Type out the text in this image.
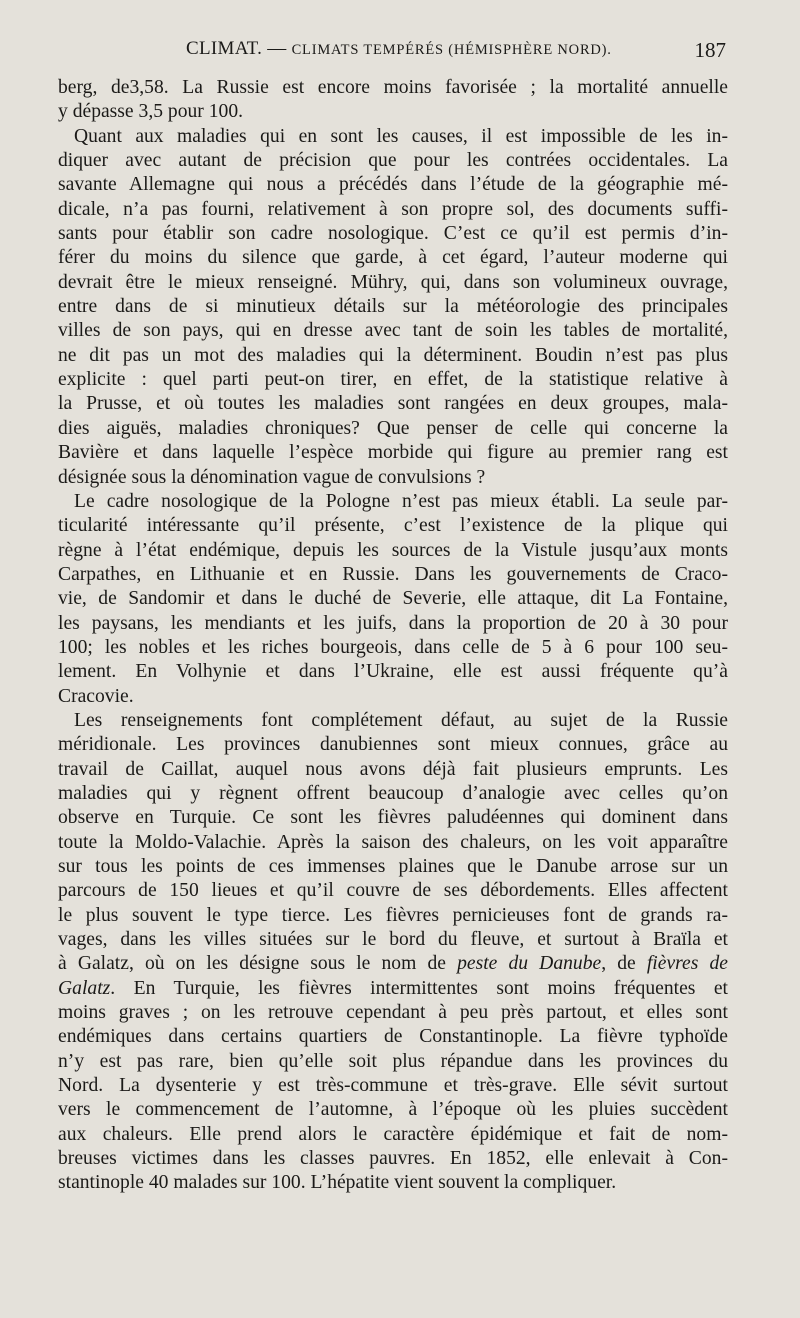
CLIMAT. — CLIMATS TEMPÉRÉS (HÉMISPHÈRE NORD).	187
berg, de3,58. La Russie est encore moins favorisée ; la mortalité annuelle
y dépasse 3,5 pour 100.
Quant aux maladies qui en sont les causes, il est impossible de les in-
diquer avec autant de précision que pour les contrées occidentales. La
savante Allemagne qui nous a précédés dans l’étude de la géographie mé-
dicale, n’a pas fourni, relativement à son propre sol, des documents suffi-
sants pour établir son cadre nosologique. C’est ce qu’il est permis d’in-
férer du moins du silence que garde, à cet égard, l’auteur moderne qui
devrait être le mieux renseigné. Mühry, qui, dans son volumineux ouvrage,
entre dans de si minutieux détails sur la météorologie des principales
villes de son pays, qui en dresse avec tant de soin les tables de mortalité,
ne dit pas un mot des maladies qui la déterminent. Boudin n’est pas plus
explicite : quel parti peut-on tirer, en effet, de la statistique relative à
la Prusse, et où toutes les maladies sont rangées en deux groupes, mala-
dies aiguës, maladies chroniques? Que penser de celle qui concerne la
Bavière et dans laquelle l’espèce morbide qui figure au premier rang est
désignée sous la dénomination vague de convulsions ?
Le cadre nosologique de la Pologne n’est pas mieux établi. La seule par-
ticularité intéressante qu’il présente, c’est l’existence de la plique qui
règne à l’état endémique, depuis les sources de la Vistule jusqu’aux monts
Carpathes, en Lithuanie et en Russie. Dans les gouvernements de Craco-
vie, de Sandomir et dans le duché de Severie, elle attaque, dit La Fontaine,
les paysans, les mendiants et les juifs, dans la proportion de 20 à 30 pour
100; les nobles et les riches bourgeois, dans celle de 5 à 6 pour 100 seu-
lement. En Volhynie et dans l’Ukraine, elle est aussi fréquente qu’à
Cracovie.
Les renseignements font complétement défaut, au sujet de la Russie
méridionale. Les provinces danubiennes sont mieux connues, grâce au
travail de Caillat, auquel nous avons déjà fait plusieurs emprunts. Les
maladies qui y règnent offrent beaucoup d’analogie avec celles qu’on
observe en Turquie. Ce sont les fièvres paludéennes qui dominent dans
toute la Moldo-Valachie. Après la saison des chaleurs, on les voit apparaître
sur tous les points de ces immenses plaines que le Danube arrose sur un
parcours de 150 lieues et qu’il couvre de ses débordements. Elles affectent
le plus souvent le type tierce. Les fièvres pernicieuses font de grands ra-
vages, dans les villes situées sur le bord du fleuve, et surtout à Braïla et
à Galatz, où on les désigne sous le nom de peste du Danube, de fièvres de
Galatz. En Turquie, les fièvres intermittentes sont moins fréquentes et
moins graves ; on les retrouve cependant à peu près partout, et elles sont
endémiques dans certains quartiers de Constantinople. La fièvre typhoïde
n’y est pas rare, bien qu’elle soit plus répandue dans les provinces du
Nord. La dysenterie y est très-commune et très-grave. Elle sévit surtout
vers le commencement de l’automne, à l’époque où les pluies succèdent
aux chaleurs. Elle prend alors le caractère épidémique et fait de nom-
breuses victimes dans les classes pauvres. En 1852, elle enlevait à Con-
stantinople 40 malades sur 100. L’hépatite vient souvent la compliquer.
